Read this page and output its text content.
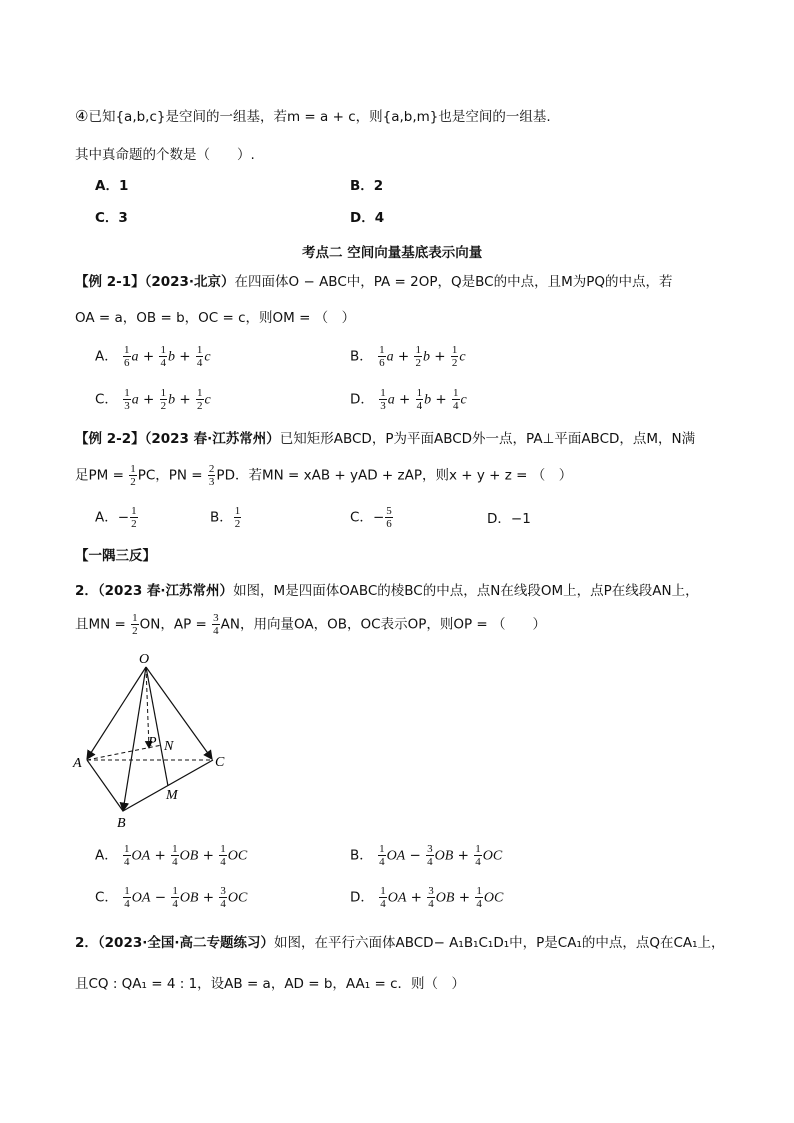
④已知{a,b,c}是空间的一组基，若m = a + c，则{a,b,m}也是空间的一组基.
其中真命题的个数是（　　）.
A．1	B．2
C．3	D．4
考点二 空间向量基底表示向量
【例 2-1】（2023·北京）在四面体O − ABC中，PA = 2OP，Q是BC的中点，且M为PQ的中点，若
OA = a，OB = b，OC = c，则OM = （　）
A． $\frac{1}{6}$ $a + \frac{1}{4}$ $b + \frac{1}{4}$ c	B． $\frac{1}{6}$ $a + \frac{1}{2}$ $b + \frac{1}{2}$ c
C． $\frac{1}{3}$ $a + \frac{1}{2}$ $b + \frac{1}{2}$ c	D． $\frac{1}{3}$ $a + \frac{1}{4}$ $b + \frac{1}{4}$ c
【例 2-2】（2023 春·江苏常州）已知矩形ABCD，P为平面ABCD外一点，PA⊥平面ABCD，点M，N满
足PM = $\frac{1}{2}$ PC，PN = $\frac{2}{3}$ PD．若MN = xAB + yAD + zAP，则x + y + z = （　）
A．− $\frac{1}{2}$	B． $\frac{1}{2}$	C．− $\frac{5}{6}$	D．−1
【一隅三反】
2．（2023 春·江苏常州）如图，M是四面体OABC的棱BC的中点，点N在线段OM上，点P在线段AN上，
且MN = $\frac{1}{2}$ ON，AP = $\frac{3}{4}$ AN，用向量OA，OB，OC表示OP，则OP = （　　）
O
A
B
C
M
N
P
A． $\frac{1}{4}$ OA + $\frac{1}{4}$ OB + $\frac{1}{4}$ OC	B． $\frac{1}{4}$ OA − $\frac{3}{4}$ OB + $\frac{1}{4}$ OC
C． $\frac{1}{4}$ OA − $\frac{1}{4}$ OB + $\frac{3}{4}$ OC	D． $\frac{1}{4}$ OA + $\frac{3}{4}$ OB + $\frac{1}{4}$ OC
2．（2023·全国·高二专题练习）如图，在平行六面体ABCD− A₁B₁C₁D₁中，P是CA₁的中点，点Q在CA₁上，
且CQ : QA₁ = 4 : 1，设AB = a，AD = b，AA₁ = c．则（　）
